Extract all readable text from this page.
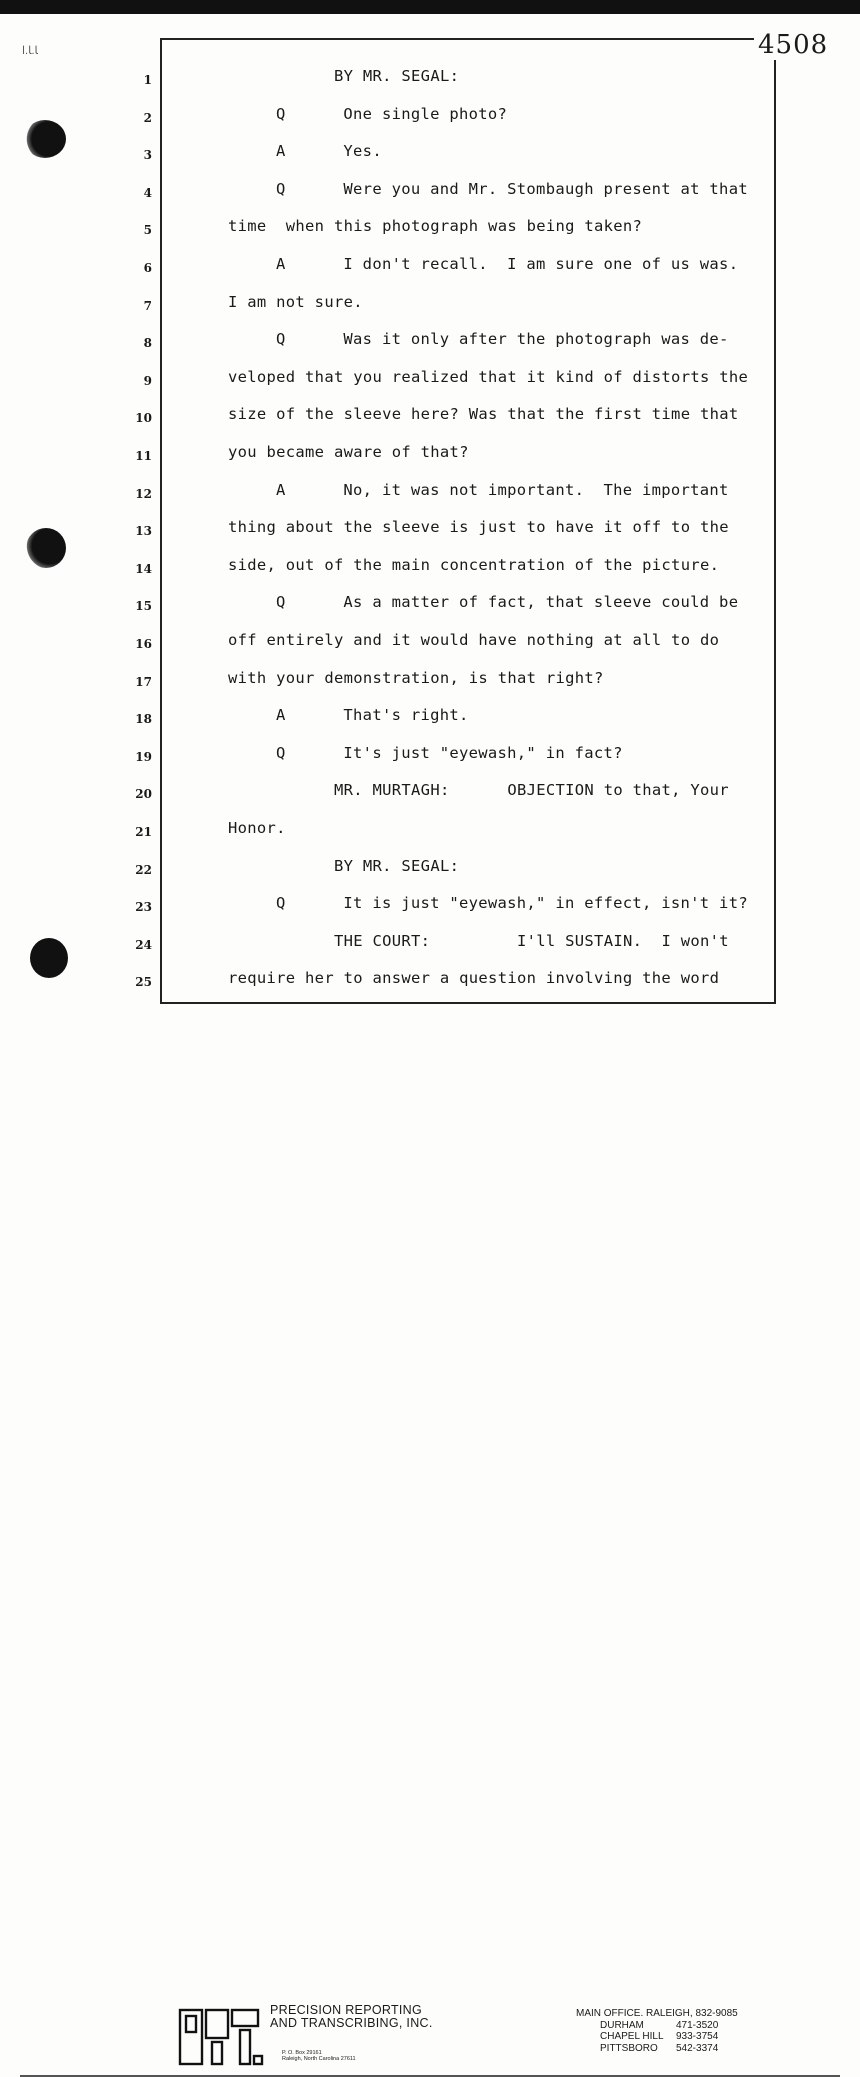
ﺎ.ﺎ.ﺍ	4508
1	BY MR. SEGAL:
2	Q      One single photo?
3	A      Yes.
4	Q      Were you and Mr. Stombaugh present at that
5	time  when this photograph was being taken?
6	A      I don't recall.  I am sure one of us was.
7	I am not sure.
8	Q      Was it only after the photograph was de-
9	veloped that you realized that it kind of distorts the
10	size of the sleeve here? Was that the first time that
11	you became aware of that?
12	A      No, it was not important.  The important
13	thing about the sleeve is just to have it off to the
14	side, out of the main concentration of the picture.
15	Q      As a matter of fact, that sleeve could be
16	off entirely and it would have nothing at all to do
17	with your demonstration, is that right?
18	A      That's right.
19	Q      It's just "eyewash," in fact?
20	MR. MURTAGH:      OBJECTION to that, Your
21	Honor.
22	BY MR. SEGAL:
23	Q      It is just "eyewash," in effect, isn't it?
24	THE COURT:         I'll SUSTAIN.  I won't
25	require her to answer a question involving the word
PRECISION REPORTING
AND TRANSCRIBING, INC.
P. O. Box 29161
Raleigh, North Carolina 27611
MAIN OFFICE. RALEIGH, 832-9085
DURHAM	471-3520
CHAPEL HILL	933-3754
PITTSBORO	542-3374
